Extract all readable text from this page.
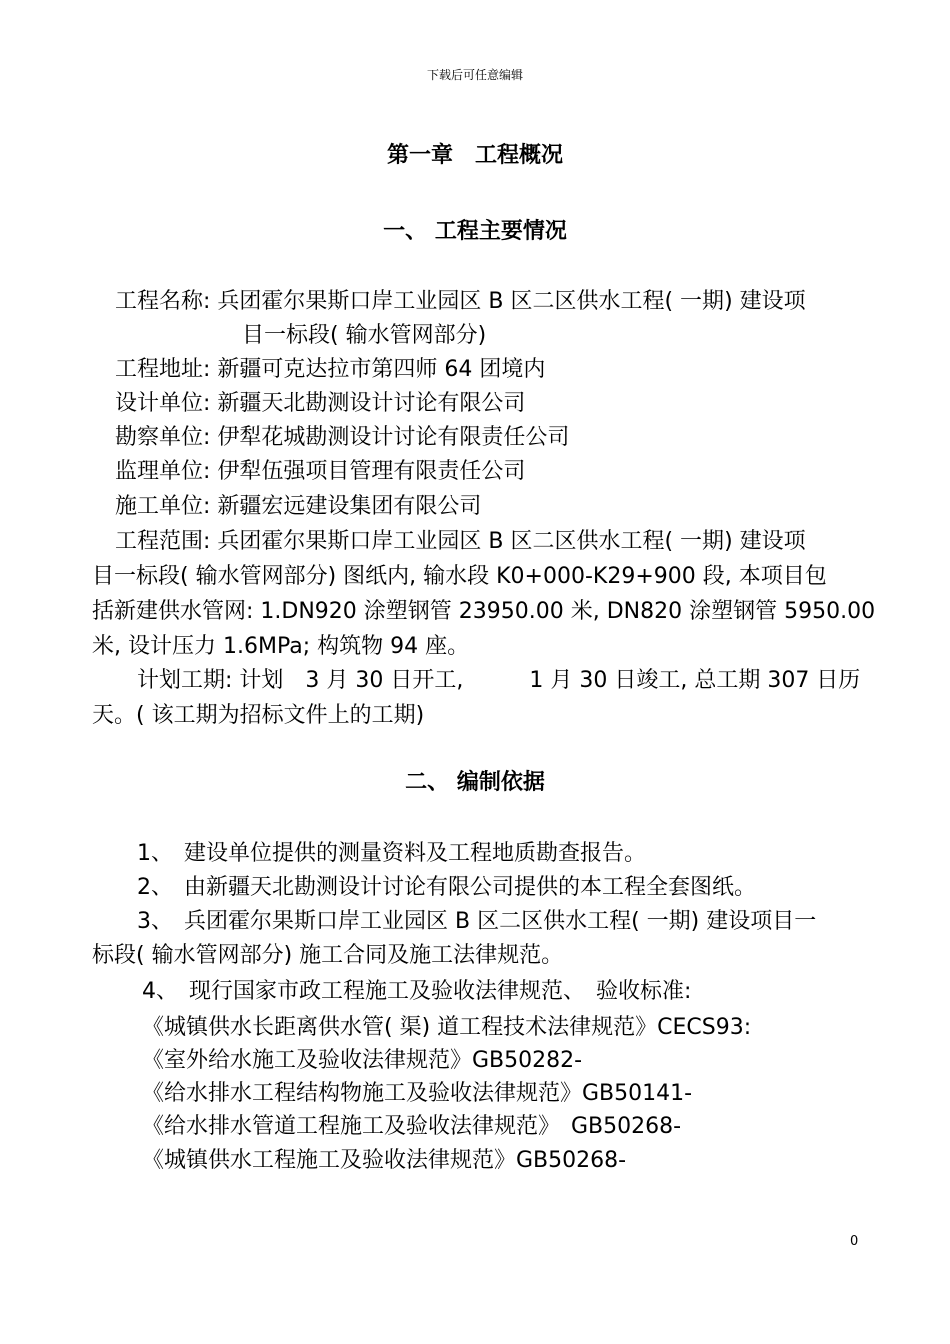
下载后可任意编辑
第一章　工程概况
一、 工程主要情况
工程名称: 兵团霍尔果斯口岸工业园区 B 区二区供水工程( 一期) 建设项
目一标段( 输水管网部分)
工程地址: 新疆可克达拉市第四师 64 团境内
设计单位: 新疆天北勘测设计讨论有限公司
勘察单位: 伊犁花城勘测设计讨论有限责任公司
监理单位: 伊犁伍强项目管理有限责任公司
施工单位: 新疆宏远建设集团有限公司
工程范围: 兵团霍尔果斯口岸工业园区 B 区二区供水工程( 一期) 建设项
目一标段( 输水管网部分) 图纸内, 输水段 K0+000-K29+900 段, 本项目包
括新建供水管网: 1.DN920 涂塑钢管 23950.00 米, DN820 涂塑钢管 5950.00
米, 设计压力 1.6MPa; 构筑物 94 座。
计划工期: 计划　3 月 30 日开工,　　　1 月 30 日竣工, 总工期 307 日历
天。( 该工期为招标文件上的工期)
二、 编制依据
1、　建设单位提供的测量资料及工程地质勘查报告。
2、　由新疆天北勘测设计讨论有限公司提供的本工程全套图纸。
3、　兵团霍尔果斯口岸工业园区 B 区二区供水工程( 一期) 建设项目一
标段( 输水管网部分) 施工合同及施工法律规范。
4、　现行国家市政工程施工及验收法律规范、　验收标准:
《城镇供水长距离供水管( 渠) 道工程技术法律规范》CECS93:
《室外给水施工及验收法律规范》GB50282-
《给水排水工程结构物施工及验收法律规范》GB50141-
《给水排水管道工程施工及验收法律规范》　GB50268-
《城镇供水工程施工及验收法律规范》GB50268-
0
